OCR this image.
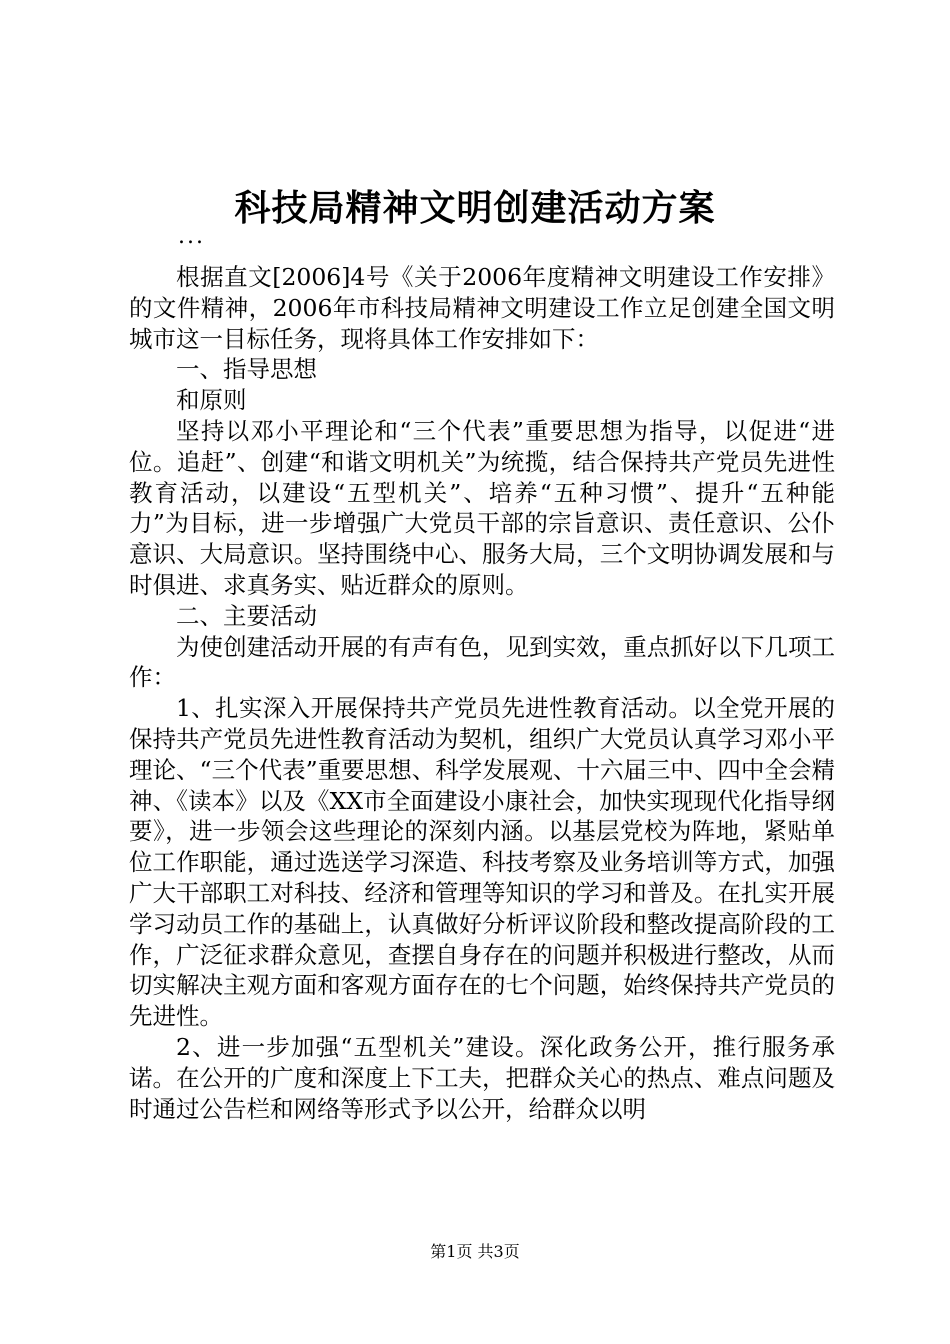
科技局精神文明创建活动方案
...

根据直文[2006]4号《关于2006年度精神文明建设工作安排》的文件精神，2006年市科技局精神文明建设工作立足创建全国文明城市这一目标任务，现将具体工作安排如下：

一、指导思想

和原则

坚持以邓小平理论和“三个代表”重要思想为指导，以促进“进位。追赶”、创建“和谐文明机关”为统揽，结合保持共产党员先进性教育活动，以建设“五型机关”、培养“五种习惯”、提升“五种能力”为目标，进一步增强广大党员干部的宗旨意识、责任意识、公仆意识、大局意识。坚持围绕中心、服务大局，三个文明协调发展和与时俱进、求真务实、贴近群众的原则。

二、主要活动

为使创建活动开展的有声有色，见到实效，重点抓好以下几项工作：

1、扎实深入开展保持共产党员先进性教育活动。以全党开展的保持共产党员先进性教育活动为契机，组织广大党员认真学习邓小平理论、“三个代表”重要思想、科学发展观、十六届三中、四中全会精神、《读本》以及《XX市全面建设小康社会，加快实现现代化指导纲要》，进一步领会这些理论的深刻内涵。以基层党校为阵地，紧贴单位工作职能，通过选送学习深造、科技考察及业务培训等方式，加强广大干部职工对科技、经济和管理等知识的学习和普及。在扎实开展学习动员工作的基础上，认真做好分析评议阶段和整改提高阶段的工作，广泛征求群众意见，查摆自身存在的问题并积极进行整改，从而切实解决主观方面和客观方面存在的七个问题，始终保持共产党员的先进性。

2、进一步加强“五型机关”建设。深化政务公开，推行服务承诺。在公开的广度和深度上下工夫，把群众关心的热点、难点问题及时通过公告栏和网络等形式予以公开，给群众以明

第1页 共3页
